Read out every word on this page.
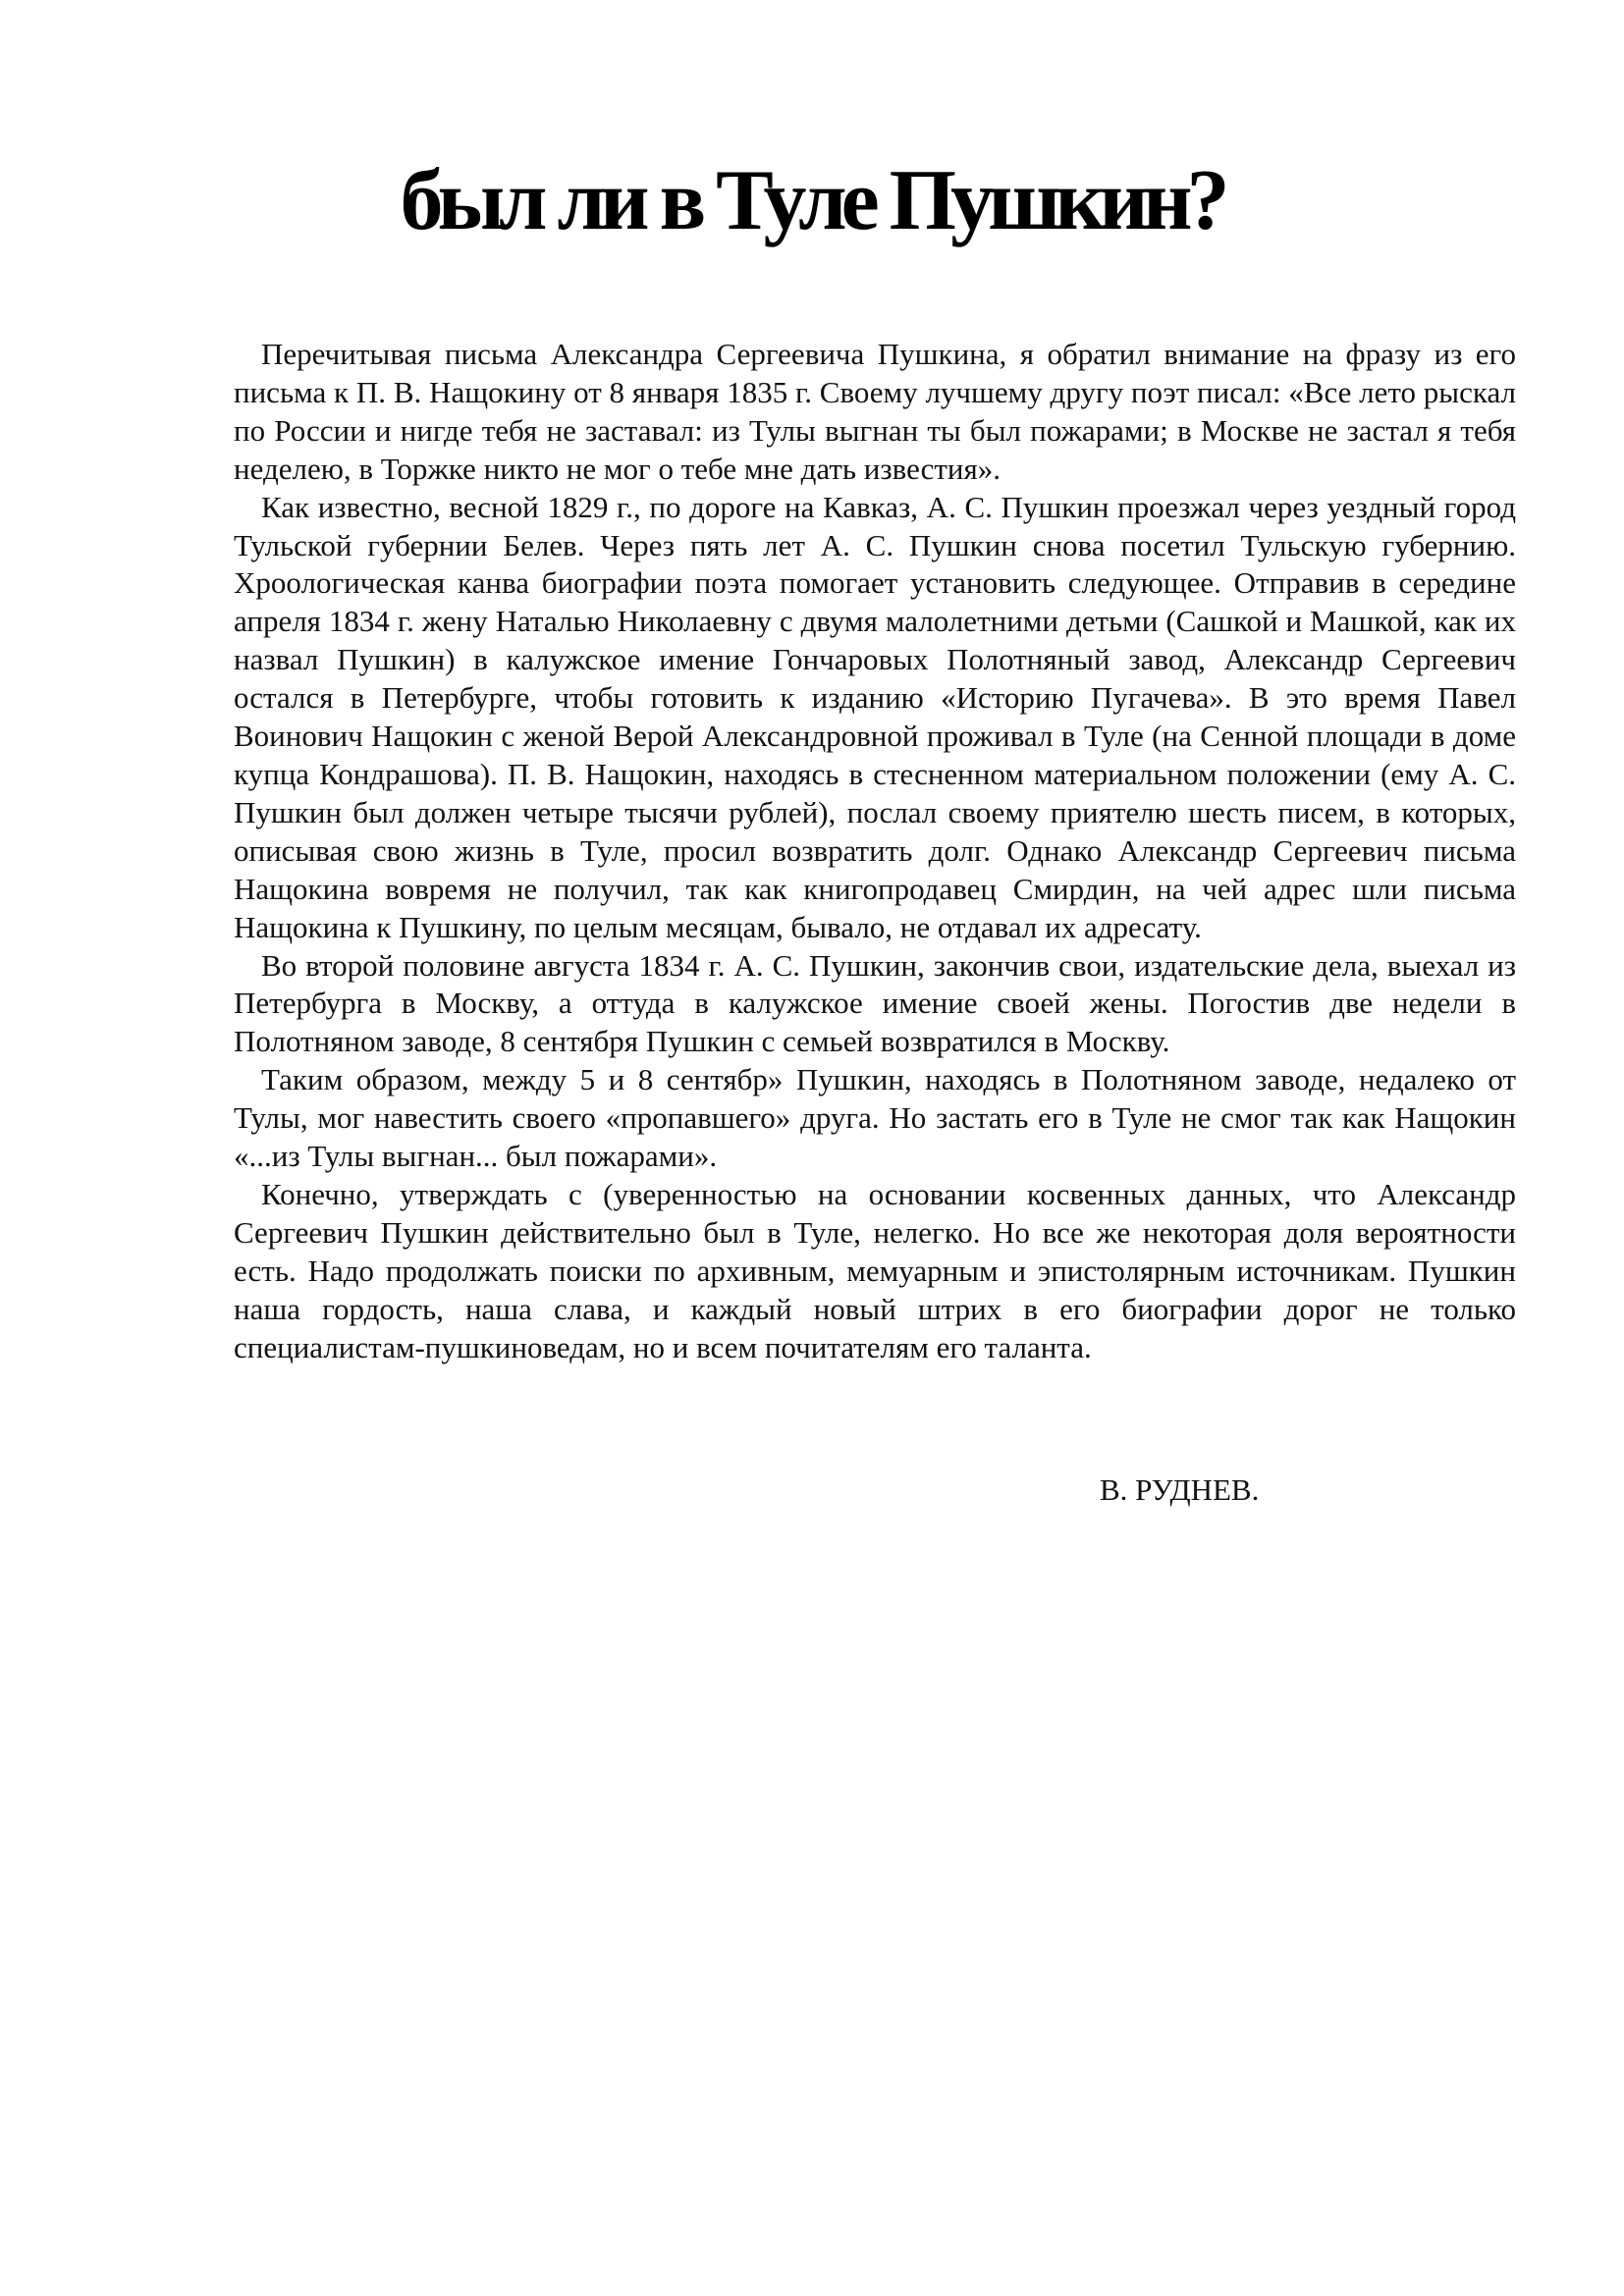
был ли в Туле Пушкин?

Перечитывая письма Александра Сергеевича Пушкина, я обратил внимание на фразу из его письма к П. В. Нащокину от 8 января 1835 г. Своему лучшему другу поэт писал: «Все лето рыскал по России и нигде тебя не заставал: из Тулы выгнан ты был пожарами; в Москве не застал я тебя неделею, в Торжке никто не мог о тебе мне дать известия».

Как известно, весной 1829 г., по дороге на Кавказ, А. С. Пушкин проезжал через уездный город Тульской губернии Белев. Через пять лет А. С. Пушкин снова посетил Тульскую губернию. Хроологическая канва биографии поэта помогает установить следующее. Отправив в середине апреля 1834 г. жену Наталью Николаевну с двумя малолетними детьми (Сашкой и Машкой, как их назвал Пушкин) в калужское имение Гончаровых Полотняный завод, Александр Сергеевич остался в Петербурге, чтобы готовить к изданию «Историю Пугачева». В это время Павел Воинович Нащокин с женой Верой Александровной проживал в Туле (на Сенной площади в доме купца Кондрашова). П. В. Нащокин, находясь в стесненном материальном положении (ему А. С. Пушкин был должен четыре тысячи рублей), послал своему приятелю шесть писем, в которых, описывая свою жизнь в Туле, просил возвратить долг. Однако Александр Сергеевич письма Нащокина вовремя не получил, так как книгопродавец Смирдин, на чей адрес шли письма Нащокина к Пушкину, по целым месяцам, бывало, не отдавал их адресату.

Во второй половине августа 1834 г. А. С. Пушкин, закончив свои, издательские дела, выехал из Петербурга в Москву, а оттуда в калужское имение своей жены. Погостив две недели в Полотняном заводе, 8 сентября Пушкин с семьей возвратился в Москву.

Таким образом, между 5 и 8 сентябр» Пушкин, находясь в Полотняном заводе, недалеко от Тулы, мог навестить своего «пропавшего» друга. Но застать его в Туле не смог так как Нащокин «...из Тулы выгнан... был пожарами».

Конечно, утверждать с (уверенностью на основании косвенных данных, что Александр Сергеевич Пушкин действительно был в Туле, нелегко. Но все же некоторая доля вероятности есть. Надо продолжать поиски по архивным, мемуарным и эпистолярным источникам. Пушкин наша гордость, наша слава, и каждый новый штрих в его биографии дорог не только специалистам-пушкиноведам, но и всем почитателям его таланта.

В. РУДНЕВ.
